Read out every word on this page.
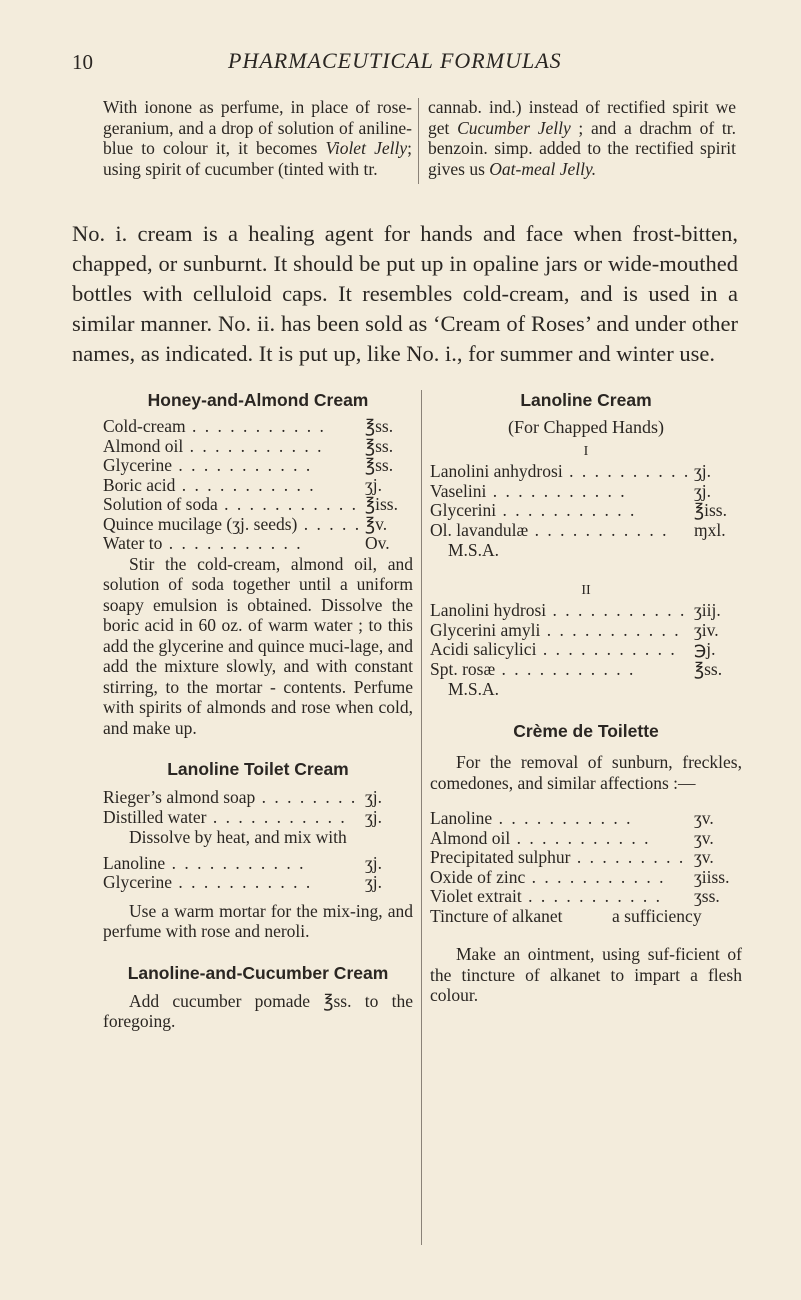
10	PHARMACEUTICAL FORMULAS
With ionone as perfume, in place of rose-geranium, and a drop of solution of aniline-blue to colour it, it becomes Violet Jelly; using spirit of cucumber (tinted with tr.
cannab. ind.) instead of rectified spirit we get Cucumber Jelly ; and a drachm of tr. benzoin. simp. added to the rectified spirit gives us Oat-meal Jelly.
No. i. cream is a healing agent for hands and face when frost-bitten, chapped, or sunburnt. It should be put up in opaline jars or wide-mouthed bottles with celluloid caps. It resembles cold-cream, and is used in a similar manner. No. ii. has been sold as ‘Cream of Roses’ and under other names, as indicated. It is put up, like No. i., for summer and winter use.
Honey-and-Almond Cream
Cold-cream . .	℥ss.
Almond oil . .	℥ss.
Glycerine . .	℥ss.
Boric acid . .	ʒj.
Solution of soda . .	℥iss.
Quince mucilage (ʒj. seeds) . .	℥v.
Water to . .	Ov.
Stir the cold-cream, almond oil, and solution of soda together until a uniform soapy emulsion is obtained. Dissolve the boric acid in 60 oz. of warm water ; to this add the glycerine and quince muci-lage, and add the mixture slowly, and with constant stirring, to the mortar - contents. Perfume with spirits of almonds and rose when cold, and make up.
Lanoline Toilet Cream
Rieger’s almond soap . .	ʒj.
Distilled water . .	ʒj.
Dissolve by heat, and mix with
Lanoline . .	ʒj.
Glycerine . .	ʒj.
Use a warm mortar for the mix-ing, and perfume with rose and neroli.
Lanoline-and-Cucumber Cream
Add cucumber pomade ℥ss. to the foregoing.
Lanoline Cream
(For Chapped Hands)
I
Lanolini anhydrosi . .	ʒj.
Vaselini . .	ʒj.
Glycerini . .	℥iss.
Ol. lavandulæ . .	ɱxl.
M.S.A.
II
Lanolini hydrosi . .	ʒiij.
Glycerini amyli . .	ʒiv.
Acidi salicylici . .	℈j.
Spt. rosæ . .	℥ss.
M.S.A.
Crème de Toilette
For the removal of sunburn, freckles, comedones, and similar affections :—
Lanoline . .	ʒv.
Almond oil . .	ʒv.
Precipitated sulphur . .	ʒv.
Oxide of zinc . .	ʒiiss.
Violet extrait . .	ʒss.
Tincture of alkanet	a sufficiency
Make an ointment, using suf-ficient of the tincture of alkanet to impart a flesh colour.
